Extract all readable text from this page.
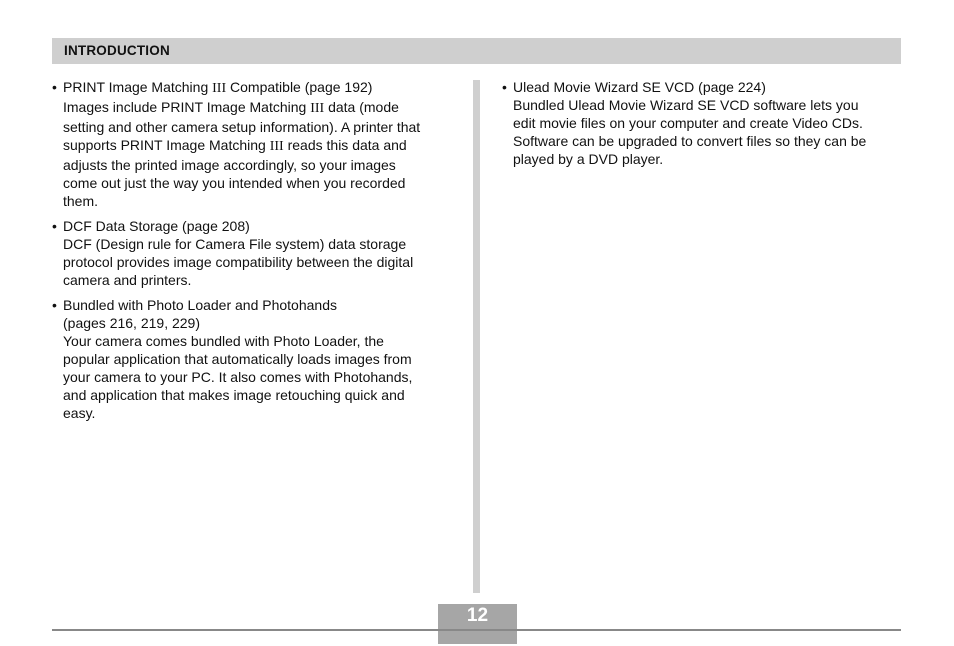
INTRODUCTION
• PRINT Image Matching III Compatible (page 192)
Images include PRINT Image Matching III data (mode
setting and other camera setup information). A printer that
supports PRINT Image Matching III reads this data and
adjusts the printed image accordingly, so your images
come out just the way you intended when you recorded
them.
• DCF Data Storage (page 208)
DCF (Design rule for Camera File system) data storage
protocol provides image compatibility between the digital
camera and printers.
• Bundled with Photo Loader and Photohands
(pages 216, 219, 229)
Your camera comes bundled with Photo Loader, the
popular application that automatically loads images from
your camera to your PC. It also comes with Photohands,
and application that makes image retouching quick and
easy.
• Ulead Movie Wizard SE VCD (page 224)
Bundled Ulead Movie Wizard SE VCD software lets you
edit movie files on your computer and create Video CDs.
Software can be upgraded to convert files so they can be
played by a DVD player.
12
